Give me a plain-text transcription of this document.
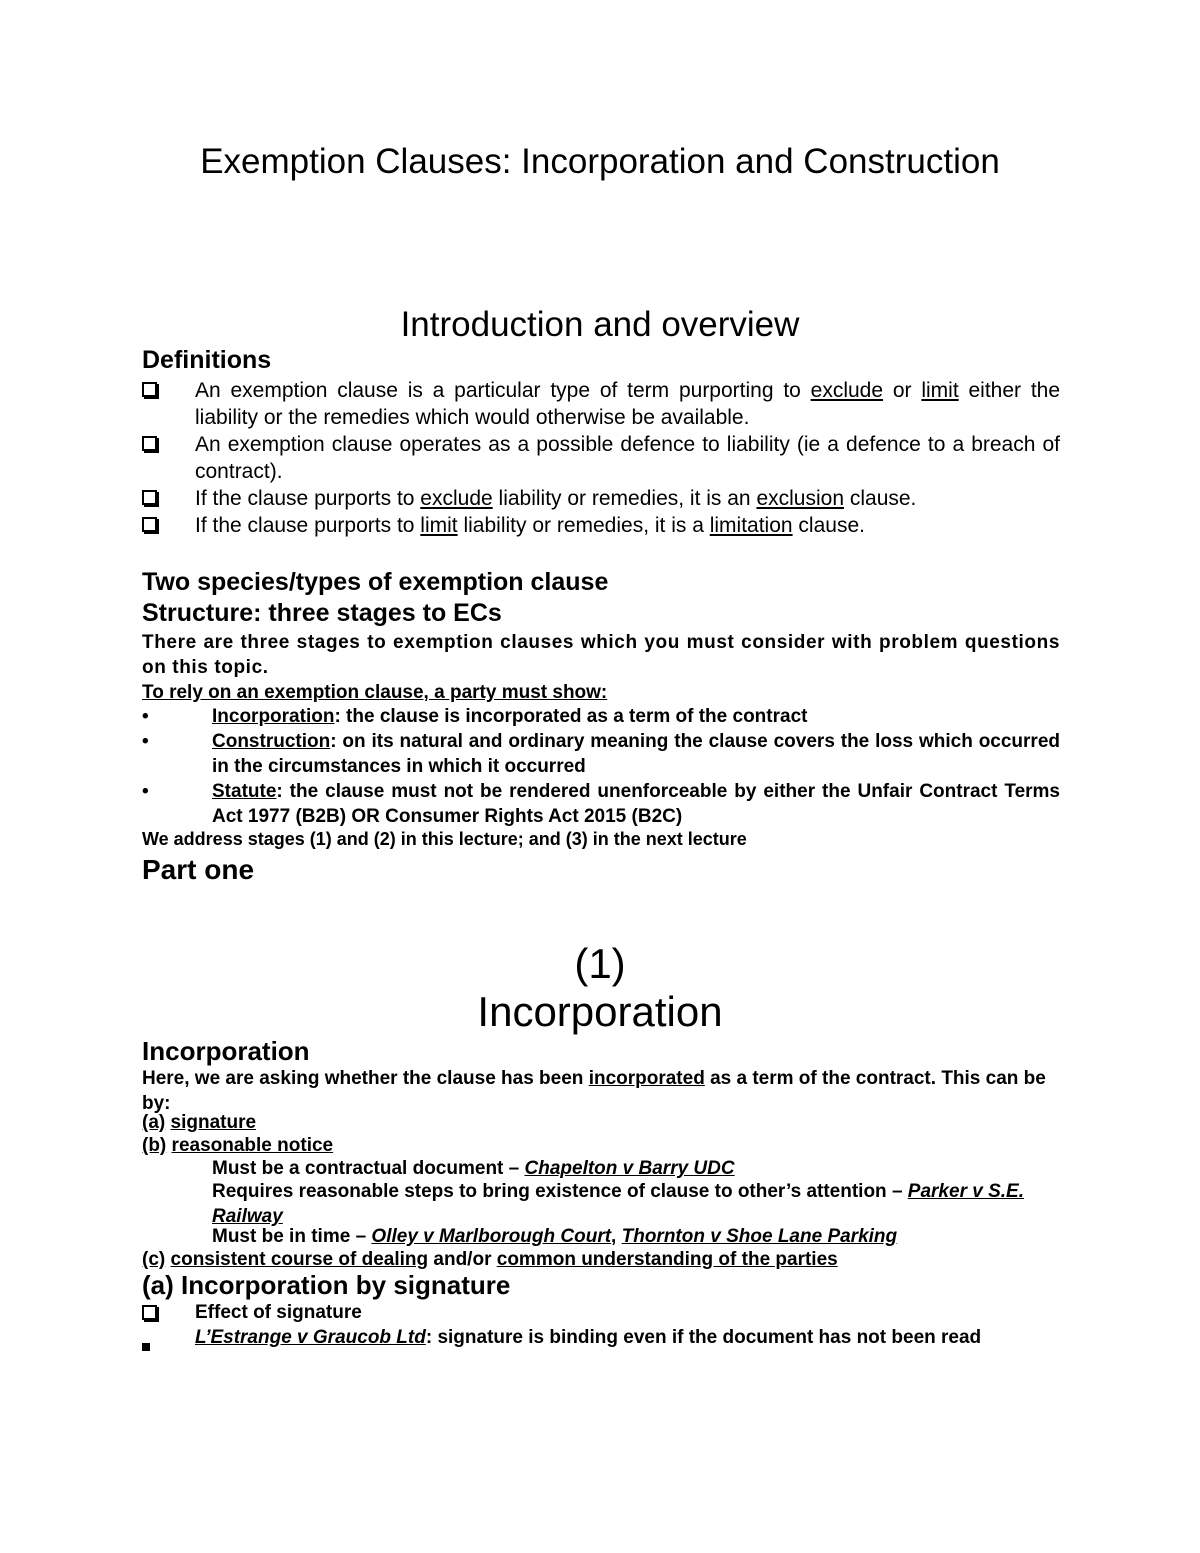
Exemption Clauses: Incorporation and Construction
Introduction and overview
Definitions
An exemption clause is a particular type of term purporting to exclude or limit either the liability or the remedies which would otherwise be available.
An exemption clause operates as a possible defence to liability (ie a defence to a breach of contract).
If the clause purports to exclude liability or remedies, it is an exclusion clause.
If the clause purports to limit liability or remedies, it is a limitation clause.
Two species/types of exemption clause
Structure: three stages to ECs
There are three stages to exemption clauses which you must consider with problem questions on this topic.
To rely on an exemption clause, a party must show:
•	Incorporation: the clause is incorporated as a term of the contract
•	Construction: on its natural and ordinary meaning the clause covers the loss which occurred in the circumstances in which it occurred
•	Statute: the clause must not be rendered unenforceable by either the Unfair Contract Terms Act 1977 (B2B) OR Consumer Rights Act 2015 (B2C)
We address stages (1) and (2) in this lecture; and (3) in the next lecture
Part one
(1)
Incorporation
Incorporation
Here, we are asking whether the clause has been incorporated as a term of the contract. This can be by:
(a) signature
(b) reasonable notice
Must be a contractual document – Chapelton v Barry UDC
Requires reasonable steps to bring existence of clause to other’s attention – Parker v S.E. Railway
Must be in time – Olley v Marlborough Court, Thornton v Shoe Lane Parking
(c) consistent course of dealing and/or common understanding of the parties
(a) Incorporation by signature
Effect of signature
L’Estrange v Graucob Ltd: signature is binding even if the document has not been read
